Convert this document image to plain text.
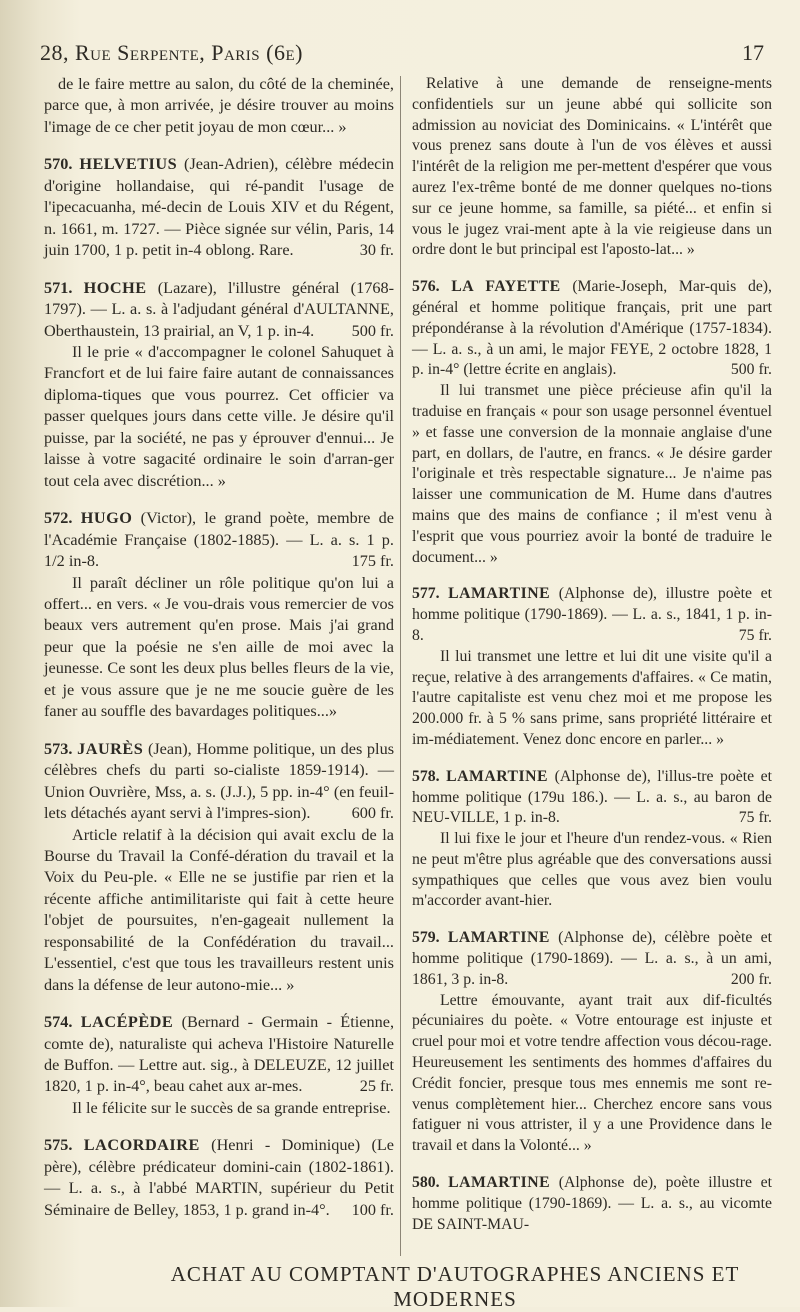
28, Rue Serpente, Paris (6e)	17

de le faire mettre au salon, du côté de la cheminée, parce que, à mon arrivée, je désire trouver au moins l'image de ce cher petit joyau de mon cœur... »

570. HELVETIUS (Jean-Adrien), célèbre médecin d'origine hollandaise, qui ré-pandit l'usage de l'ipecacuanha, mé-decin de Louis XIV et du Régent, n. 1661, m. 1727. — Pièce signée sur vélin, Paris, 14 juin 1700, 1 p. petit in-4 oblong. Rare.	30 fr.

571. HOCHE (Lazare), l'illustre général (1768-1797). — L. a. s. à l'adjudant général d'AULTANNE, Oberthaustein, 13 prairial, an V, 1 p. in-4. 500 fr.

Il le prie « d'accompagner le colonel Sahuquet à Francfort et de lui faire faire autant de connaissances diploma-tiques que vous pourrez. Cet officier va passer quelques jours dans cette ville. Je désire qu'il puisse, par la société, ne pas y éprouver d'ennui... Je laisse à votre sagacité ordinaire le soin d'arran-ger tout cela avec discrétion... »

572. HUGO (Victor), le grand poète, membre de l'Académie Française (1802-1885). — L. a. s. 1 p. 1/2 in-8.	175 fr.

Il paraît décliner un rôle politique qu'on lui a offert... en vers. « Je vou-drais vous remercier de vos beaux vers autrement qu'en prose. Mais j'ai grand peur que la poésie ne s'en aille de moi avec la jeunesse. Ce sont les deux plus belles fleurs de la vie, et je vous assure que je ne me soucie guère de les faner au souffle des bavardages politiques...»

573. JAURÈS (Jean), Homme politique, un des plus célèbres chefs du parti so-cialiste 1859-1914). — Union Ouvrière, Mss, a. s. (J.J.), 5 pp. in-4° (en feuil-lets détachés ayant servi à l'impres-sion).	600 fr.

Article relatif à la décision qui avait exclu de la Bourse du Travail la Confé-dération du travail et la Voix du Peu-ple. « Elle ne se justifie par rien et la récente affiche antimilitariste qui fait à cette heure l'objet de poursuites, n'en-gageait nullement la responsabilité de la Confédération du travail... L'essentiel, c'est que tous les travailleurs restent unis dans la défense de leur autono-mie... »

574. LACÉPÈDE (Bernard - Germain - Étienne, comte de), naturaliste qui acheva l'Histoire Naturelle de Buffon. — Lettre aut. sig., à DELEUZE, 12 juillet 1820, 1 p. in-4°, beau cahet aux ar-mes.	25 fr.

Il le félicite sur le succès de sa grande entreprise.

575. LACORDAIRE (Henri - Dominique) (Le père), célèbre prédicateur domini-cain (1802-1861). — L. a. s., à l'abbé MARTIN, supérieur du Petit Séminaire de Belley, 1853, 1 p. grand in-4°. 100 fr.

Relative à une demande de renseigne-ments confidentiels sur un jeune abbé qui sollicite son admission au noviciat des Dominicains. « L'intérêt que vous prenez sans doute à l'un de vos élèves et aussi l'intérêt de la religion me per-mettent d'espérer que vous aurez l'ex-trême bonté de me donner quelques no-tions sur ce jeune homme, sa famille, sa piété... et enfin si vous le jugez vrai-ment apte à la vie reigieuse dans un ordre dont le but principal est l'aposto-lat... »

576. LA FAYETTE (Marie-Joseph, Mar-quis de), général et homme politique français, prit une part prépondéranse à la révolution d'Amérique (1757-1834). — L. a. s., à un ami, le major FEYE, 2 octobre 1828, 1 p. in-4° (lettre écrite en anglais).	500 fr.

Il lui transmet une pièce précieuse afin qu'il la traduise en français « pour son usage personnel éventuel » et fasse une conversion de la monnaie anglaise d'une part, en dollars, de l'autre, en francs. « Je désire garder l'originale et très respectable signature... Je n'aime pas laisser une communication de M. Hume dans d'autres mains que des mains de confiance ; il m'est venu à l'esprit que vous pourriez avoir la bonté de traduire le document... »

577. LAMARTINE (Alphonse de), illustre poète et homme politique (1790-1869). — L. a. s., 1841, 1 p. in-8.	75 fr.

Il lui transmet une lettre et lui dit une visite qu'il a reçue, relative à des arrangements d'affaires. « Ce matin, l'autre capitaliste est venu chez moi et me propose les 200.000 fr. à 5 % sans prime, sans propriété littéraire et im-médiatement. Venez donc encore en parler... »

578. LAMARTINE (Alphonse de), l'illus-tre poète et homme politique (179u 186.). — L. a. s., au baron de NEU-VILLE, 1 p. in-8.	75 fr.

Il lui fixe le jour et l'heure d'un rendez-vous. « Rien ne peut m'être plus agréable que des conversations aussi sympathiques que celles que vous avez bien voulu m'accorder avant-hier.

579. LAMARTINE (Alphonse de), célèbre poète et homme politique (1790-1869). — L. a. s., à un ami, 1861, 3 p. in-8.	200 fr.

Lettre émouvante, ayant trait aux dif-ficultés pécuniaires du poète. « Votre entourage est injuste et cruel pour moi et votre tendre affection vous décou-rage. Heureusement les sentiments des hommes d'affaires du Crédit foncier, presque tous mes ennemis me sont re-venus complètement hier... Cherchez encore sans vous fatiguer ni vous attrister, il y a une Providence dans le travail et dans la Volonté... »

580. LAMARTINE (Alphonse de), poète illustre et homme politique (1790-1869). — L. a. s., au vicomte DE SAINT-MAU-

ACHAT AU COMPTANT D'AUTOGRAPHES ANCIENS ET MODERNES
